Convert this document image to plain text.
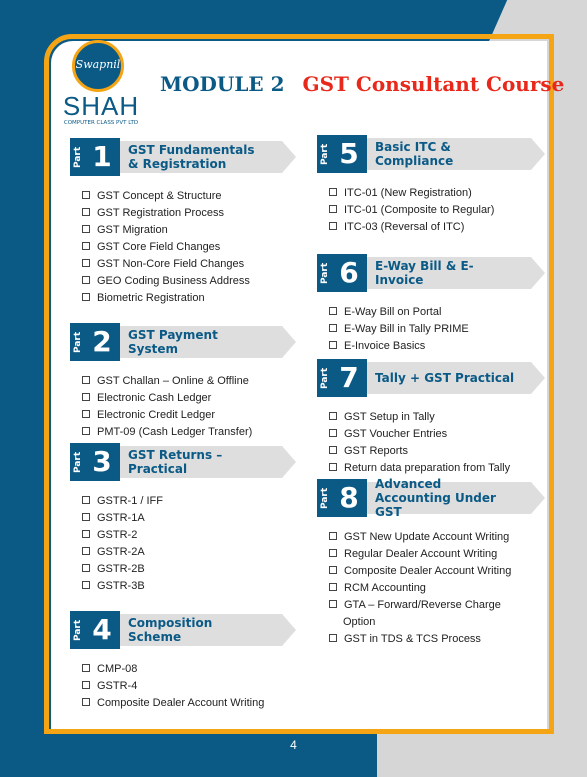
Swapnil
SHAH
COMPUTER CLASS PVT LTD
MODULE 2 GST Consultant Course
Part 1	GST Fundamentals & Registration
GST Concept & Structure
GST Registration Process
GST Migration
GST Core Field Changes
GST Non-Core Field Changes
GEO Coding Business Address
Biometric Registration
Part 2	GST Payment System
GST Challan – Online & Offline
Electronic Cash Ledger
Electronic Credit Ledger
PMT-09 (Cash Ledger Transfer)
Part 3	GST Returns – Practical
GSTR-1 / IFF
GSTR-1A
GSTR-2
GSTR-2A
GSTR-2B
GSTR-3B
Part 4	Composition Scheme
CMP-08
GSTR-4
Composite Dealer Account Writing
Part 5	Basic ITC & Compliance
ITC-01 (New Registration)
ITC-01 (Composite to Regular)
ITC-03 (Reversal of ITC)
Part 6	E-Way Bill & E-Invoice
E-Way Bill on Portal
E-Way Bill in Tally PRIME
E-Invoice Basics
Part 7	Tally + GST Practical
GST Setup in Tally
GST Voucher Entries
GST Reports
Return data preparation from Tally
Part 8	Advanced Accounting Under GST
GST New Update Account Writing
Regular Dealer Account Writing
Composite Dealer Account Writing
RCM Accounting
GTA – Forward/Reverse Charge Option
GST in TDS & TCS Process
4
